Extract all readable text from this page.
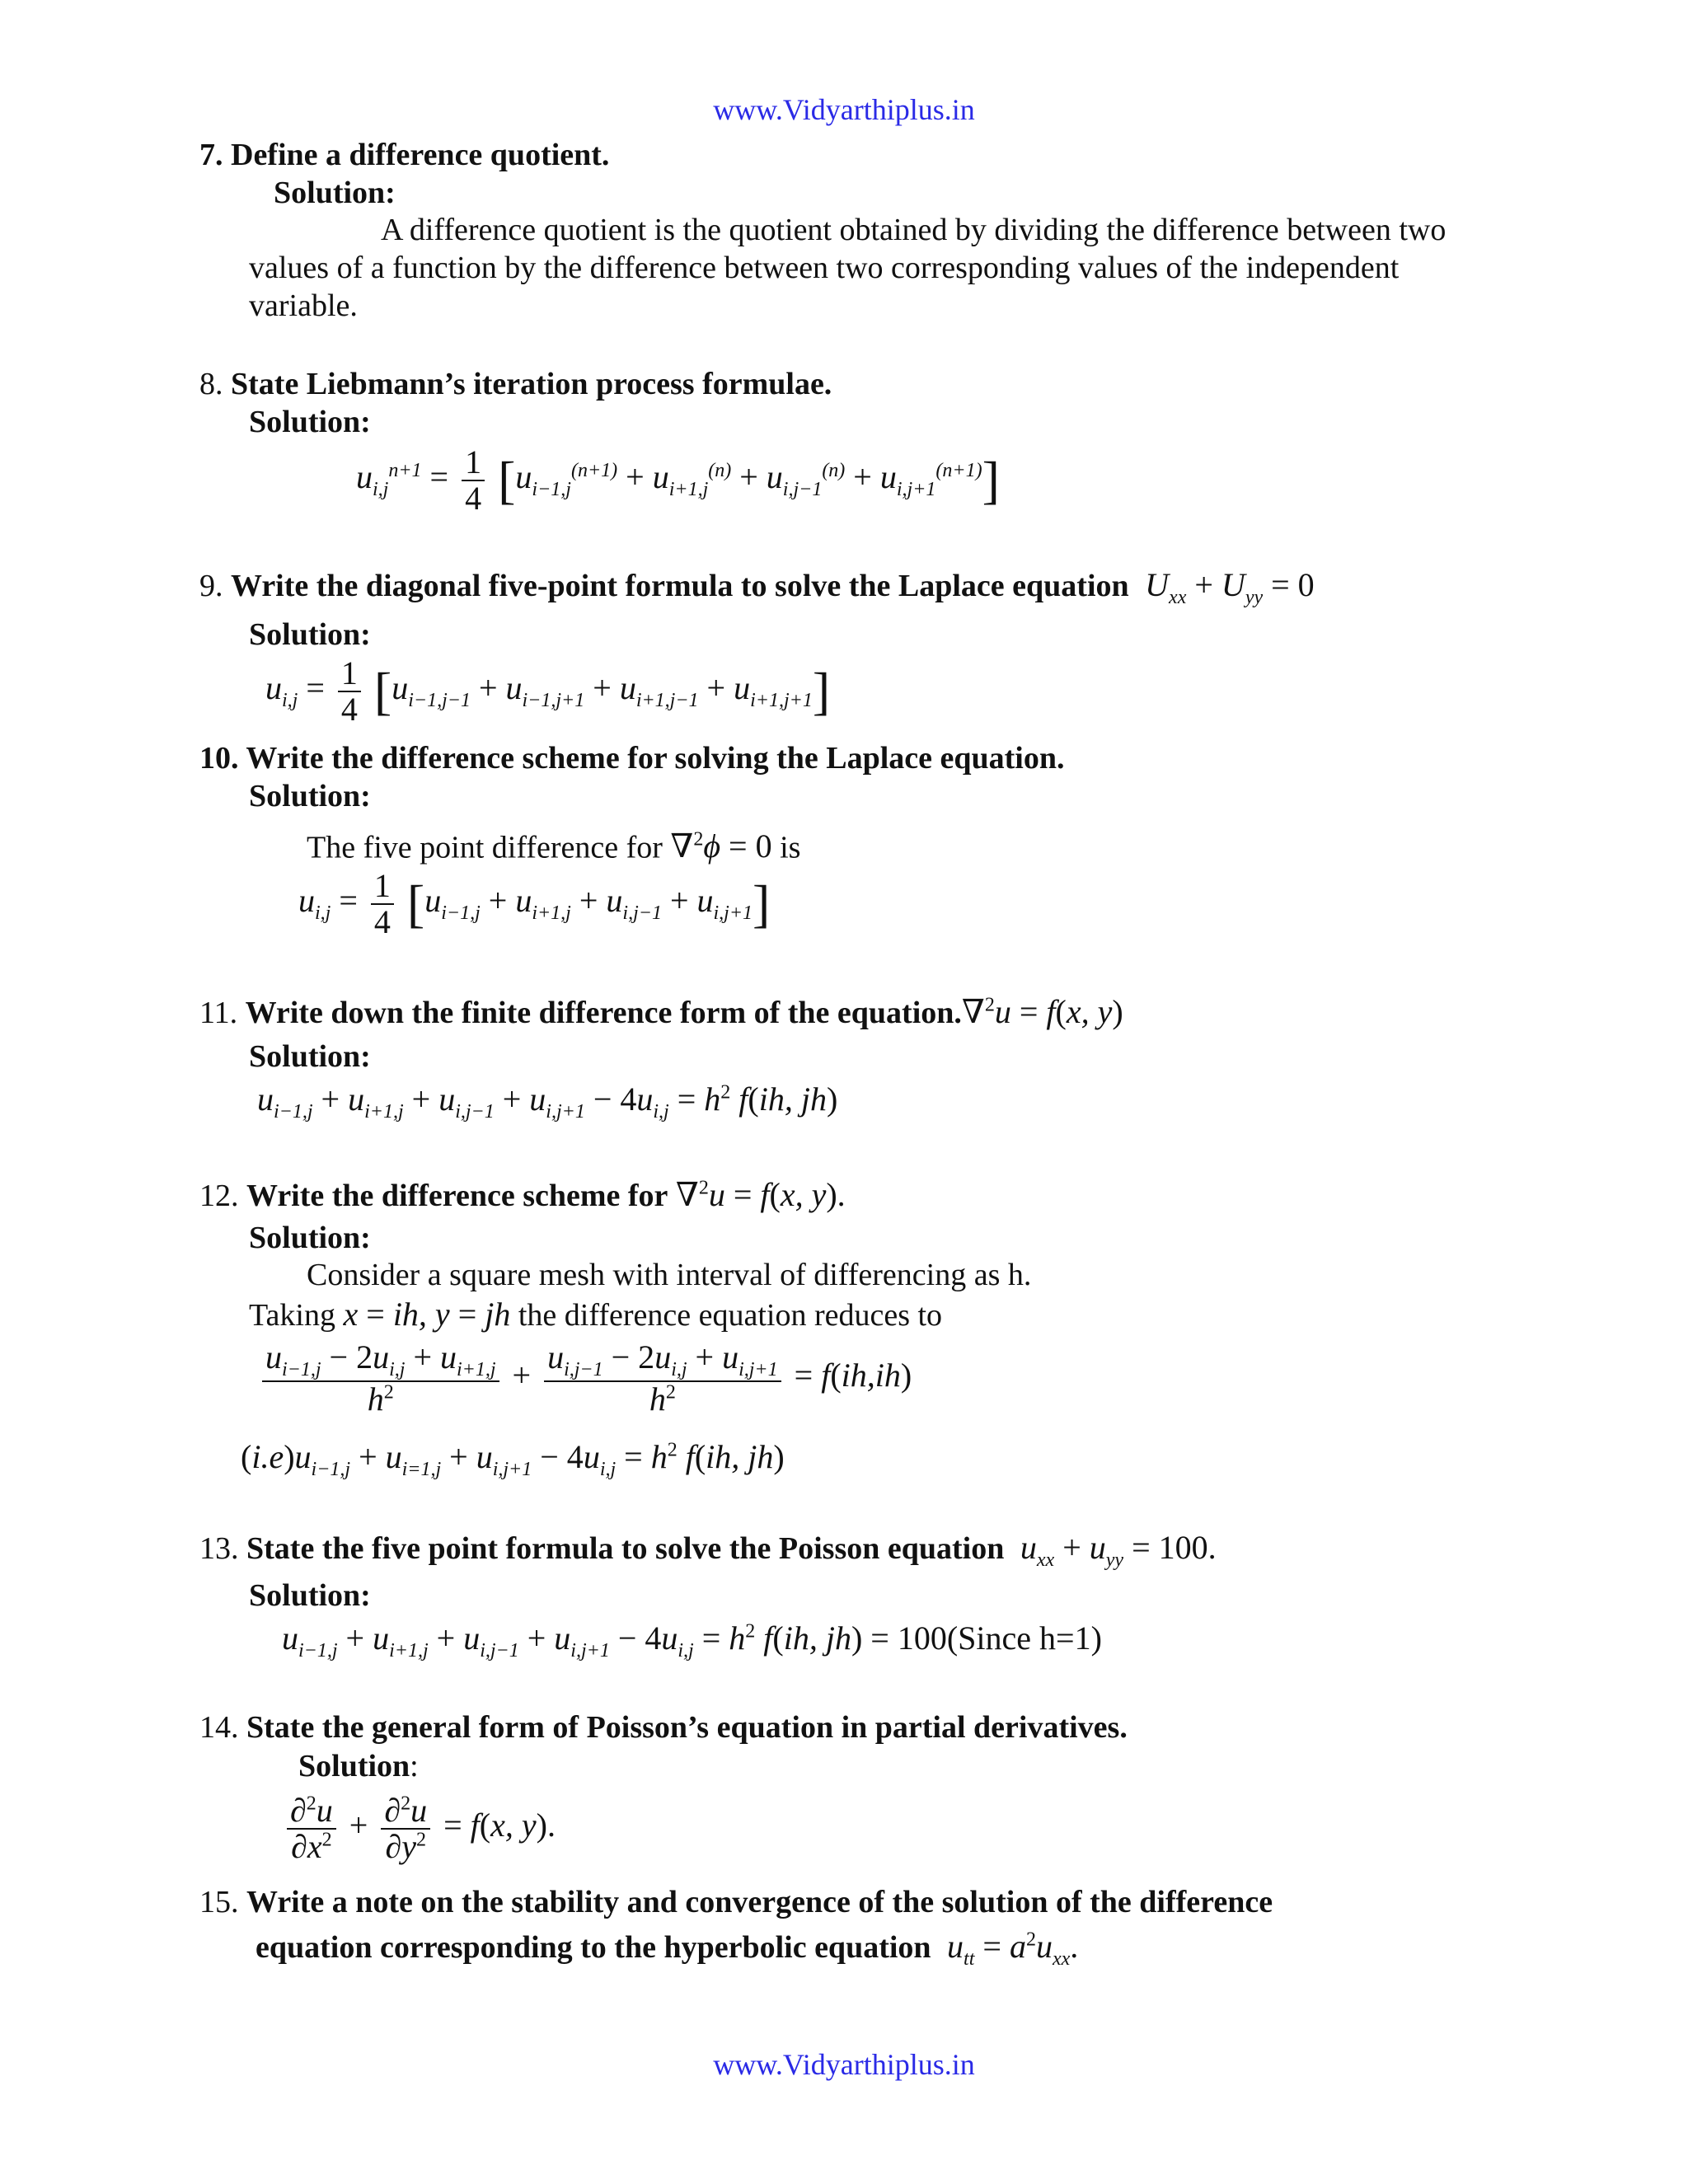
www.Vidyarthiplus.in
7. Define a difference quotient.
Solution:
A difference quotient is the quotient obtained by dividing the difference between two values of a function by the difference between two corresponding values of the independent variable.
8. State Liebmann’s iteration process formulae.
Solution:
$u_{i,j}^{n+1} = \frac{1}{4} [u_{i-1,j}^{(n+1)} + u_{i+1,j}^{(n)} + u_{i,j-1}^{(n)} + u_{i,j+1}^{(n+1)}]$
9. Write the diagonal five-point formula to solve the Laplace equation  $U_{xx} + U_{yy} = 0$
Solution:
$u_{i,j} = \frac{1}{4} [u_{i-1,j-1} + u_{i-1,j+1} + u_{i+1,j-1} + u_{i+1,j+1}]$
10. Write the difference scheme for solving the Laplace equation.
Solution:
The five point difference for ∇$^2$ϕ = 0 is
$u_{i,j} = \frac{1}{4} [u_{i-1,j} + u_{i+1,j} + u_{i,j-1} + u_{i,j+1}]$
11. Write down the finite difference form of the equation.∇$^2$u = f(x, y)
Solution:
$u_{i-1,j} + u_{i+1,j} + u_{i,j-1} + u_{i,j+1} - 4u_{i,j} = h^2$ f(ih, jh)
12. Write the difference scheme for ∇$^2$u = f(x, y).
Solution:
Consider a square mesh with interval of differencing as h.
Taking x = ih, y = jh the difference equation reduces to
$\frac{u_{i-1,j} - 2u_{i,j} + u_{i+1,j}}{h^2} + \frac{u_{i,j-1} - 2u_{i,j} + u_{i,j+1}}{h^2} = f(ih,ih)$
$(i.e)u_{i-1,j} + u_{i=1,j} + u_{i,j+1} - 4u_{i,j} = h^2$ f(ih, jh)
13. State the five point formula to solve the Poisson equation  $u_{xx} + u_{yy} = 100$.
Solution:
$u_{i-1,j} + u_{i+1,j} + u_{i,j-1} + u_{i,j+1} - 4u_{i,j} = h^2$ f(ih, jh) = 100(Since h=1)
14. State the general form of Poisson’s equation in partial derivatives.
Solution:
$\frac{\partial^2u}{\partial x^2} + \frac{\partial^2u}{\partial y^2} = f(x$, y).
15. Write a note on the stability and convergence of the solution of the difference
equation corresponding to the hyperbolic equation  $u_{tt} = a^2u_{xx}$.
www.Vidyarthiplus.in
